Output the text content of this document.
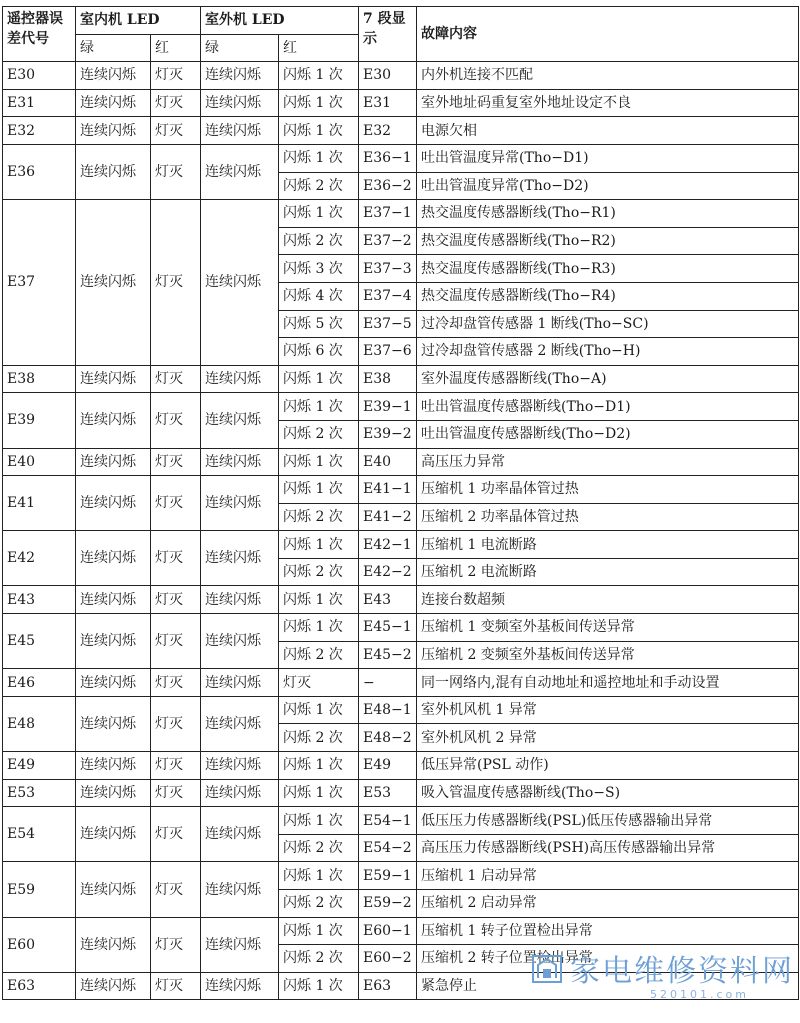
遥控器误差代号	室内机 LED		室外机 LED		7 段显示	故障内容
	绿	红	绿	红		
E30	连续闪烁	灯灭	连续闪烁	闪烁 1 次	E30	内外机连接不匹配
E31	连续闪烁	灯灭	连续闪烁	闪烁 1 次	E31	室外地址码重复室外地址设定不良
E32	连续闪烁	灯灭	连续闪烁	闪烁 1 次	E32	电源欠相
E36	连续闪烁	灯灭	连续闪烁	闪烁 1 次	E36−1	吐出管温度异常(Tho−D1)
				闪烁 2 次	E36−2	吐出管温度异常(Tho−D2)
E37	连续闪烁	灯灭	连续闪烁	闪烁 1 次	E37−1	热交温度传感器断线(Tho−R1)
				闪烁 2 次	E37−2	热交温度传感器断线(Tho−R2)
				闪烁 3 次	E37−3	热交温度传感器断线(Tho−R3)
				闪烁 4 次	E37−4	热交温度传感器断线(Tho−R4)
				闪烁 5 次	E37−5	过冷却盘管传感器 1 断线(Tho−SC)
				闪烁 6 次	E37−6	过冷却盘管传感器 2 断线(Tho−H)
E38	连续闪烁	灯灭	连续闪烁	闪烁 1 次	E38	室外温度传感器断线(Tho−A)
E39	连续闪烁	灯灭	连续闪烁	闪烁 1 次	E39−1	吐出管温度传感器断线(Tho−D1)
				闪烁 2 次	E39−2	吐出管温度传感器断线(Tho−D2)
E40	连续闪烁	灯灭	连续闪烁	闪烁 1 次	E40	高压压力异常
E41	连续闪烁	灯灭	连续闪烁	闪烁 1 次	E41−1	压缩机 1 功率晶体管过热
				闪烁 2 次	E41−2	压缩机 2 功率晶体管过热
E42	连续闪烁	灯灭	连续闪烁	闪烁 1 次	E42−1	压缩机 1 电流断路
				闪烁 2 次	E42−2	压缩机 2 电流断路
E43	连续闪烁	灯灭	连续闪烁	闪烁 1 次	E43	连接台数超频
E45	连续闪烁	灯灭	连续闪烁	闪烁 1 次	E45−1	压缩机 1 变频室外基板间传送异常
				闪烁 2 次	E45−2	压缩机 2 变频室外基板间传送异常
E46	连续闪烁	灯灭	连续闪烁	灯灭	−	同一网络内,混有自动地址和遥控地址和手动设置
E48	连续闪烁	灯灭	连续闪烁	闪烁 1 次	E48−1	室外机风机 1 异常
				闪烁 2 次	E48−2	室外机风机 2 异常
E49	连续闪烁	灯灭	连续闪烁	闪烁 1 次	E49	低压异常(PSL 动作)
E53	连续闪烁	灯灭	连续闪烁	闪烁 1 次	E53	吸入管温度传感器断线(Tho−S)
E54	连续闪烁	灯灭	连续闪烁	闪烁 1 次	E54−1	低压压力传感器断线(PSL)低压传感器输出异常
				闪烁 2 次	E54−2	高压压力传感器断线(PSH)高压传感器输出异常
E59	连续闪烁	灯灭	连续闪烁	闪烁 1 次	E59−1	压缩机 1 启动异常
				闪烁 2 次	E59−2	压缩机 2 启动异常
E60	连续闪烁	灯灭	连续闪烁	闪烁 1 次	E60−1	压缩机 1 转子位置检出异常
				闪烁 2 次	E60−2	压缩机 2 转子位置检出异常
E63	连续闪烁	灯灭	连续闪烁	闪烁 1 次	E63	紧急停止	家电维修资料网
520101.com
